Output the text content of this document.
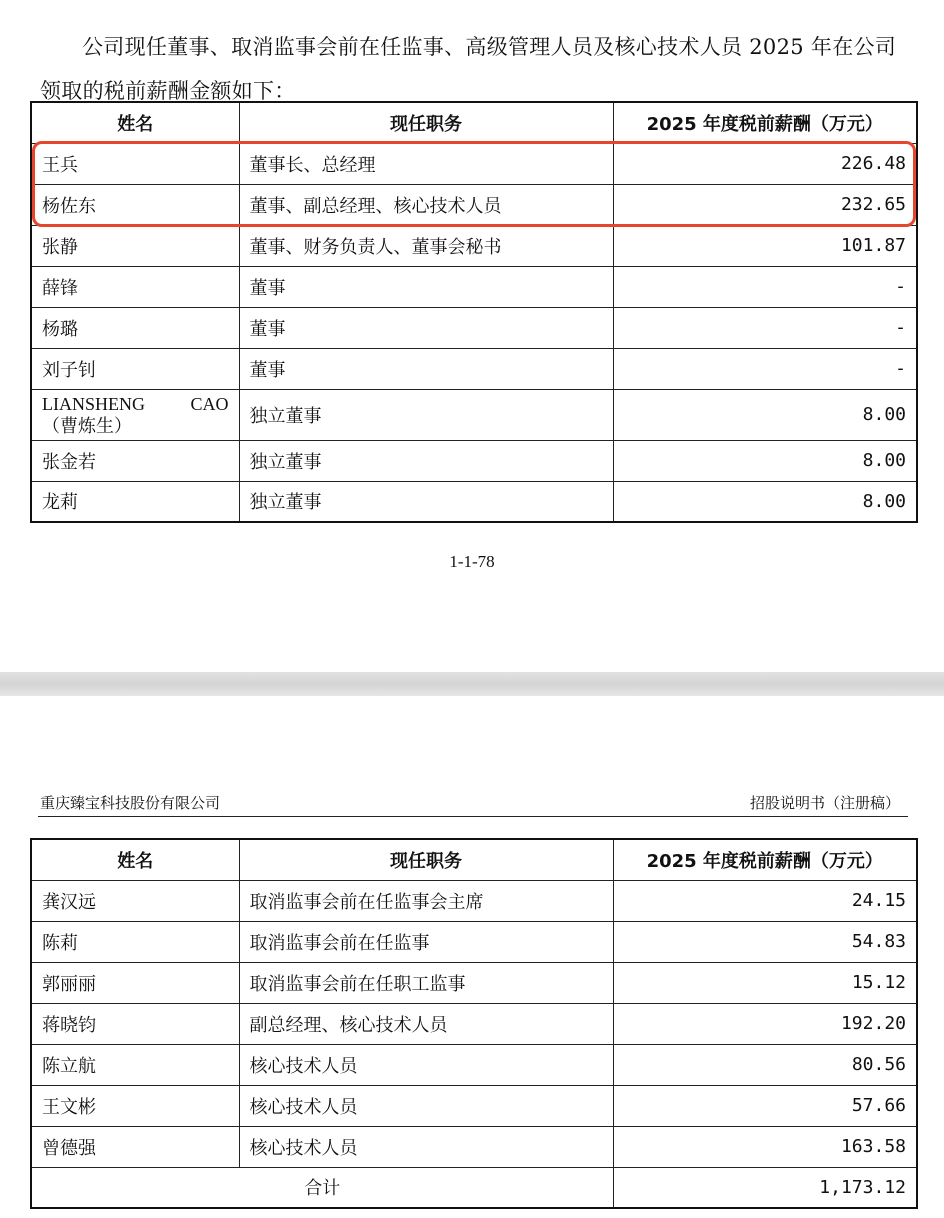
公司现任董事、取消监事会前在任监事、高级管理人员及核心技术人员 2025 年在公司领取的税前薪酬金额如下：

姓名	现任职务	2025 年度税前薪酬（万元）
王兵	董事长、总经理	226.48
杨佐东	董事、副总经理、核心技术人员	232.65
张静	董事、财务负责人、董事会秘书	101.87
薛锋	董事	-
杨璐	董事	-
刘子钊	董事	-

LIANSHENG CAO
（曹炼生）	独立董事	8.00
张金若	独立董事	8.00
龙莉	独立董事	8.00
1-1-78
重庆臻宝科技股份有限公司	招股说明书（注册稿）
姓名	现任职务	2025 年度税前薪酬（万元）
龚汉远	取消监事会前在任监事会主席	24.15
陈莉	取消监事会前在任监事	54.83
郭丽丽	取消监事会前在任职工监事	15.12
蒋晓钧	副总经理、核心技术人员	192.20
陈立航	核心技术人员	80.56
王文彬	核心技术人员	57.66
曾德强	核心技术人员	163.58
合计		1,173.12
